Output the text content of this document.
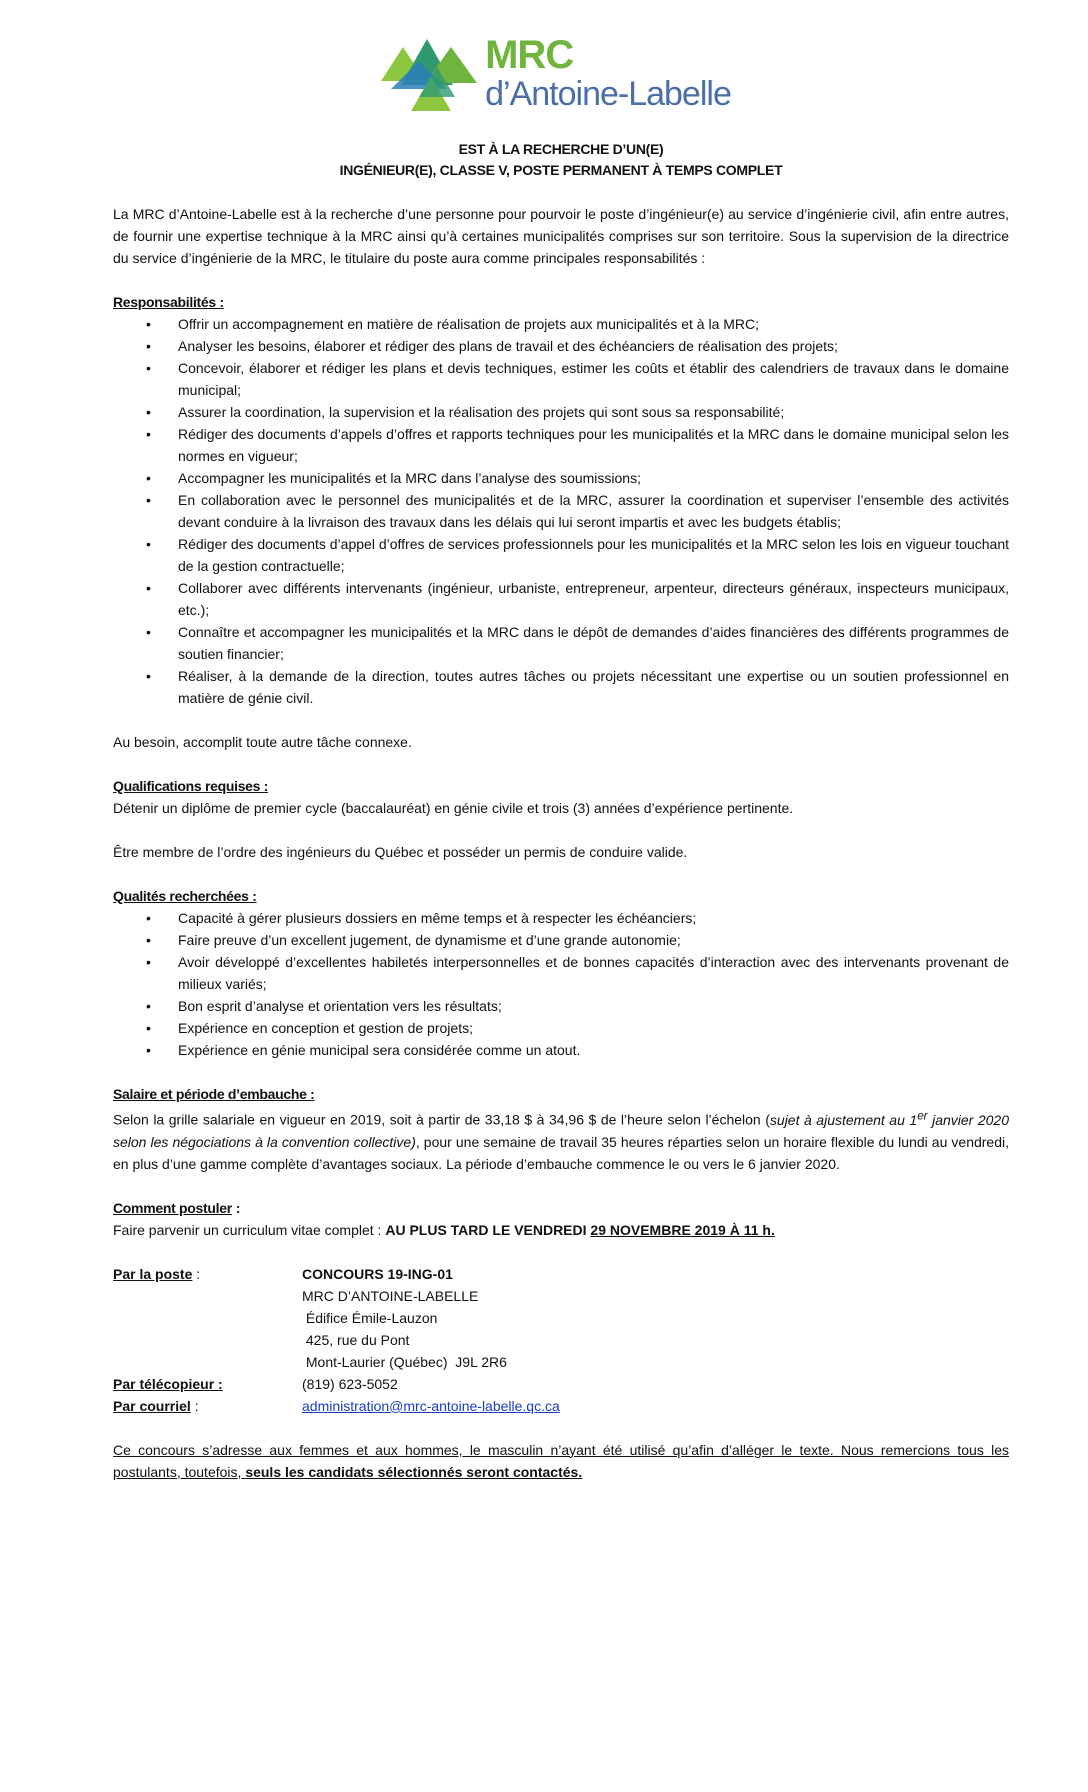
MRC
d’Antoine-Labelle
EST À LA RECHERCHE D’UN(E)
INGÉNIEUR(E), CLASSE V, POSTE PERMANENT À TEMPS COMPLET

La MRC d’Antoine-Labelle est à la recherche d’une personne pour pourvoir le poste d’ingénieur(e) au service d’ingénierie civil, afin entre autres, de fournir une expertise technique à la MRC ainsi qu’à certaines municipalités comprises sur son territoire. Sous la supervision de la directrice du service d’ingénierie de la MRC, le titulaire du poste aura comme principales responsabilités :

Responsabilités :
• Offrir un accompagnement en matière de réalisation de projets aux municipalités et à la MRC;
• Analyser les besoins, élaborer et rédiger des plans de travail et des échéanciers de réalisation des projets;
• Concevoir, élaborer et rédiger les plans et devis techniques, estimer les coûts et établir des calendriers de travaux dans le domaine municipal;
• Assurer la coordination, la supervision et la réalisation des projets qui sont sous sa responsabilité;
• Rédiger des documents d’appels d’offres et rapports techniques pour les municipalités et la MRC dans le domaine municipal selon les normes en vigueur;
• Accompagner les municipalités et la MRC dans l’analyse des soumissions;
• En collaboration avec le personnel des municipalités et de la MRC, assurer la coordination et superviser l’ensemble des activités devant conduire à la livraison des travaux dans les délais qui lui seront impartis et avec les budgets établis;
• Rédiger des documents d’appel d’offres de services professionnels pour les municipalités et la MRC selon les lois en vigueur touchant de la gestion contractuelle;
• Collaborer avec différents intervenants (ingénieur, urbaniste, entrepreneur, arpenteur, directeurs généraux, inspecteurs municipaux, etc.);
• Connaître et accompagner les municipalités et la MRC dans le dépôt de demandes d’aides financières des différents programmes de soutien financier;
• Réaliser, à la demande de la direction, toutes autres tâches ou projets nécessitant une expertise ou un soutien professionnel en matière de génie civil.

Au besoin, accomplit toute autre tâche connexe.

Qualifications requises :

Détenir un diplôme de premier cycle (baccalauréat) en génie civile et trois (3) années d’expérience pertinente.

Être membre de l’ordre des ingénieurs du Québec et posséder un permis de conduire valide.

Qualités recherchées :
• Capacité à gérer plusieurs dossiers en même temps et à respecter les échéanciers;
• Faire preuve d’un excellent jugement, de dynamisme et d’une grande autonomie;
• Avoir développé d’excellentes habiletés interpersonnelles et de bonnes capacités d’interaction avec des intervenants provenant de milieux variés;
• Bon esprit d’analyse et orientation vers les résultats;
• Expérience en conception et gestion de projets;
• Expérience en génie municipal sera considérée comme un atout.
Salaire et période d’embauche :

Selon la grille salariale en vigueur en 2019, soit à partir de 33,18 $ à 34,96 $ de l’heure selon l’échelon (sujet à ajustement au 1er janvier 2020 selon les négociations à la convention collective), pour une semaine de travail 35 heures réparties selon un horaire flexible du lundi au vendredi, en plus d’une gamme complète d’avantages sociaux. La période d’embauche commence le ou vers le 6 janvier 2020.

Comment postuler :

Faire parvenir un curriculum vitae complet : AU PLUS TARD LE VENDREDI 29 NOVEMBRE 2019 À 11 h.

Par la poste :	CONCOURS 19-ING-01
MRC D’ANTOINE-LABELLE
Édifice Émile-Lauzon
425, rue du Pont
Mont-Laurier (Québec)  J9L 2R6
Par télécopieur :	(819) 623-5052
Par courriel :	administration@mrc-antoine-labelle.qc.ca

Ce concours s’adresse aux femmes et aux hommes, le masculin n’ayant été utilisé qu’afin d’alléger le texte. Nous remercions tous les postulants, toutefois, seuls les candidats sélectionnés seront contactés.
